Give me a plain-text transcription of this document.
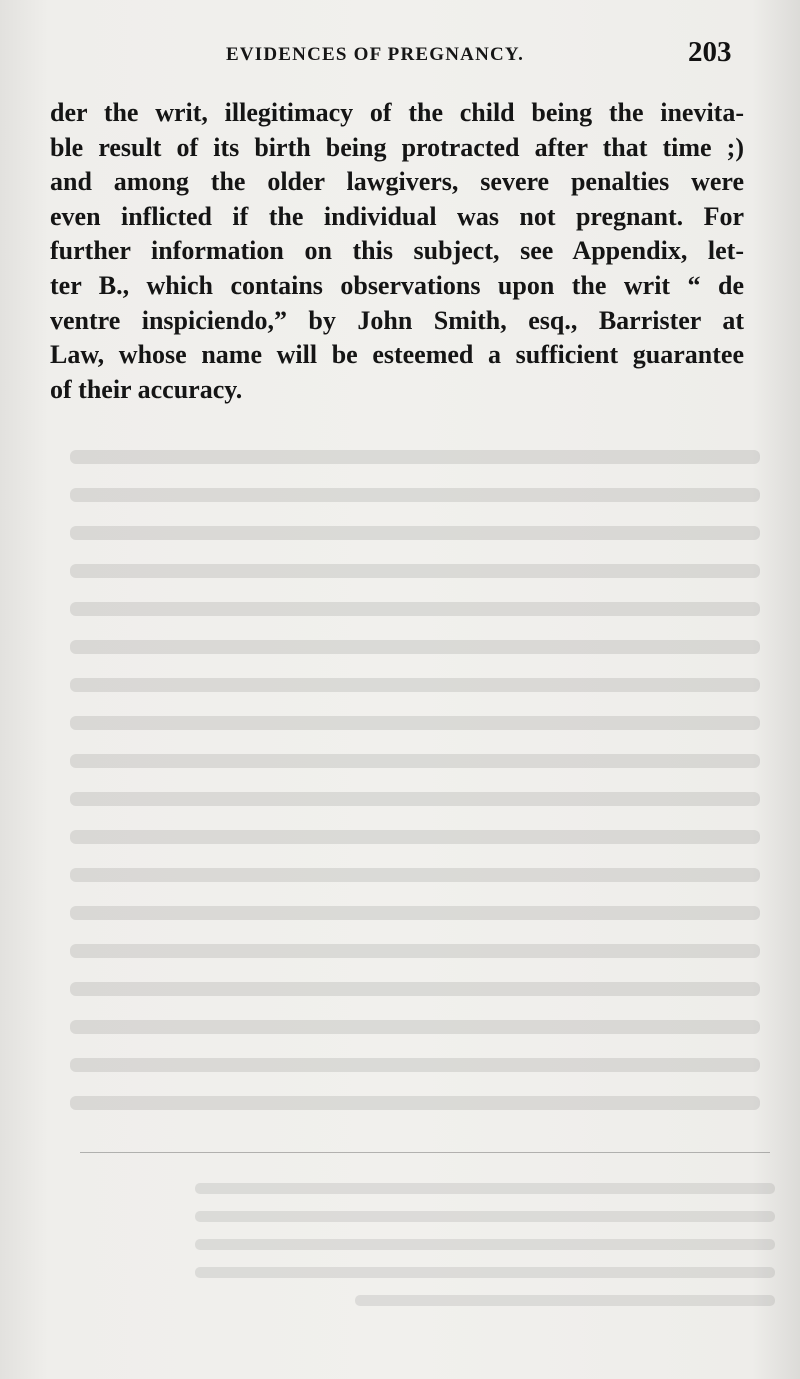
EVIDENCES OF PREGNANCY.	203
der the writ, illegitimacy of the child being the inevita-
ble result of its birth being protracted after that time ;)
and among the older lawgivers, severe penalties were
even inflicted if the individual was not pregnant. For
further information on this subject, see Appendix, let-
ter B., which contains observations upon the writ “ de
ventre inspiciendo,” by John Smith, esq., Barrister at
Law, whose name will be esteemed a sufficient guarantee
of their accuracy.
